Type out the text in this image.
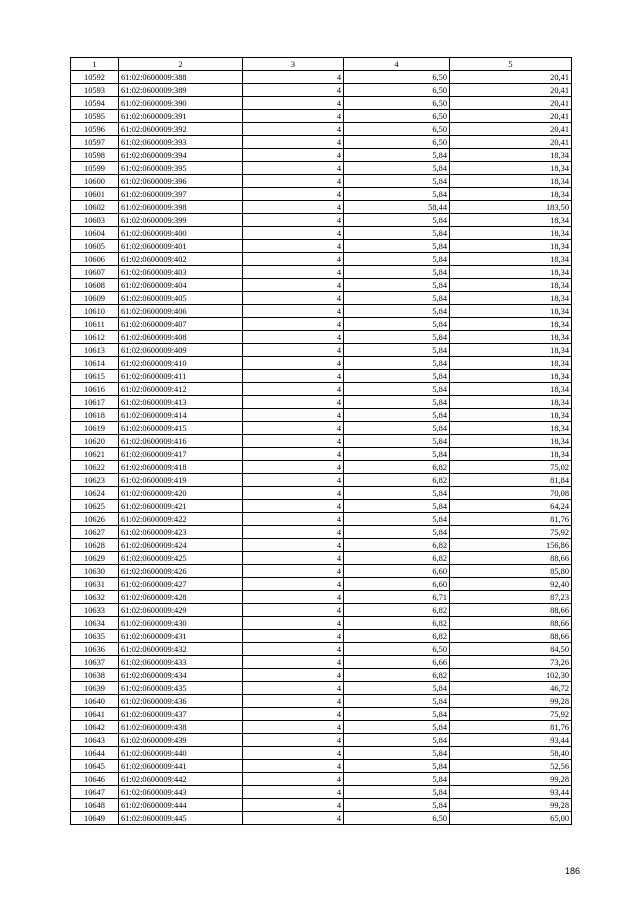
1	2	3	4	5
10592	61:02:0600009:388	4	6,50	20,41
10593	61:02:0600009:389	4	6,50	20,41
10594	61:02:0600009:390	4	6,50	20,41
10595	61:02:0600009:391	4	6,50	20,41
10596	61:02:0600009:392	4	6,50	20,41
10597	61:02:0600009:393	4	6,50	20,41
10598	61:02:0600009:394	4	5,84	18,34
10599	61:02:0600009:395	4	5,84	18,34
10600	61:02:0600009:396	4	5,84	18,34
10601	61:02:0600009:397	4	5,84	18,34
10602	61:02:0600009:398	4	58,44	183,50
10603	61:02:0600009:399	4	5,84	18,34
10604	61:02:0600009:400	4	5,84	18,34
10605	61:02:0600009:401	4	5,84	18,34
10606	61:02:0600009:402	4	5,84	18,34
10607	61:02:0600009:403	4	5,84	18,34
10608	61:02:0600009:404	4	5,84	18,34
10609	61:02:0600009:405	4	5,84	18,34
10610	61:02:0600009:406	4	5,84	18,34
10611	61:02:0600009:407	4	5,84	18,34
10612	61:02:0600009:408	4	5,84	18,34
10613	61:02:0600009:409	4	5,84	18,34
10614	61:02:0600009:410	4	5,84	18,34
10615	61:02:0600009:411	4	5,84	18,34
10616	61:02:0600009:412	4	5,84	18,34
10617	61:02:0600009:413	4	5,84	18,34
10618	61:02:0600009:414	4	5,84	18,34
10619	61:02:0600009:415	4	5,84	18,34
10620	61:02:0600009:416	4	5,84	18,34
10621	61:02:0600009:417	4	5,84	18,34
10622	61:02:0600009:418	4	6,82	75,02
10623	61:02:0600009:419	4	6,82	81,84
10624	61:02:0600009:420	4	5,84	70,08
10625	61:02:0600009:421	4	5,84	64,24
10626	61:02:0600009:422	4	5,84	81,76
10627	61:02:0600009:423	4	5,84	75,92
10628	61:02:0600009:424	4	6,82	156,86
10629	61:02:0600009:425	4	6,82	88,66
10630	61:02:0600009:426	4	6,60	85,80
10631	61:02:0600009:427	4	6,60	92,40
10632	61:02:0600009:428	4	6,71	87,23
10633	61:02:0600009:429	4	6,82	88,66
10634	61:02:0600009:430	4	6,82	88,66
10635	61:02:0600009:431	4	6,82	88,66
10636	61:02:0600009:432	4	6,50	84,50
10637	61:02:0600009:433	4	6,66	73,26
10638	61:02:0600009:434	4	6,82	102,30
10639	61:02:0600009:435	4	5,84	46,72
10640	61:02:0600009:436	4	5,84	99,28
10641	61:02:0600009:437	4	5,84	75,92
10642	61:02:0600009:438	4	5,84	81,76
10643	61:02:0600009:439	4	5,84	93,44
10644	61:02:0600009:440	4	5,84	58,40
10645	61:02:0600009:441	4	5,84	52,56
10646	61:02:0600009:442	4	5,84	99,28
10647	61:02:0600009:443	4	5,84	93,44
10648	61:02:0600009:444	4	5,84	99,28
10649	61:02:0600009:445	4	6,50	65,00
186
